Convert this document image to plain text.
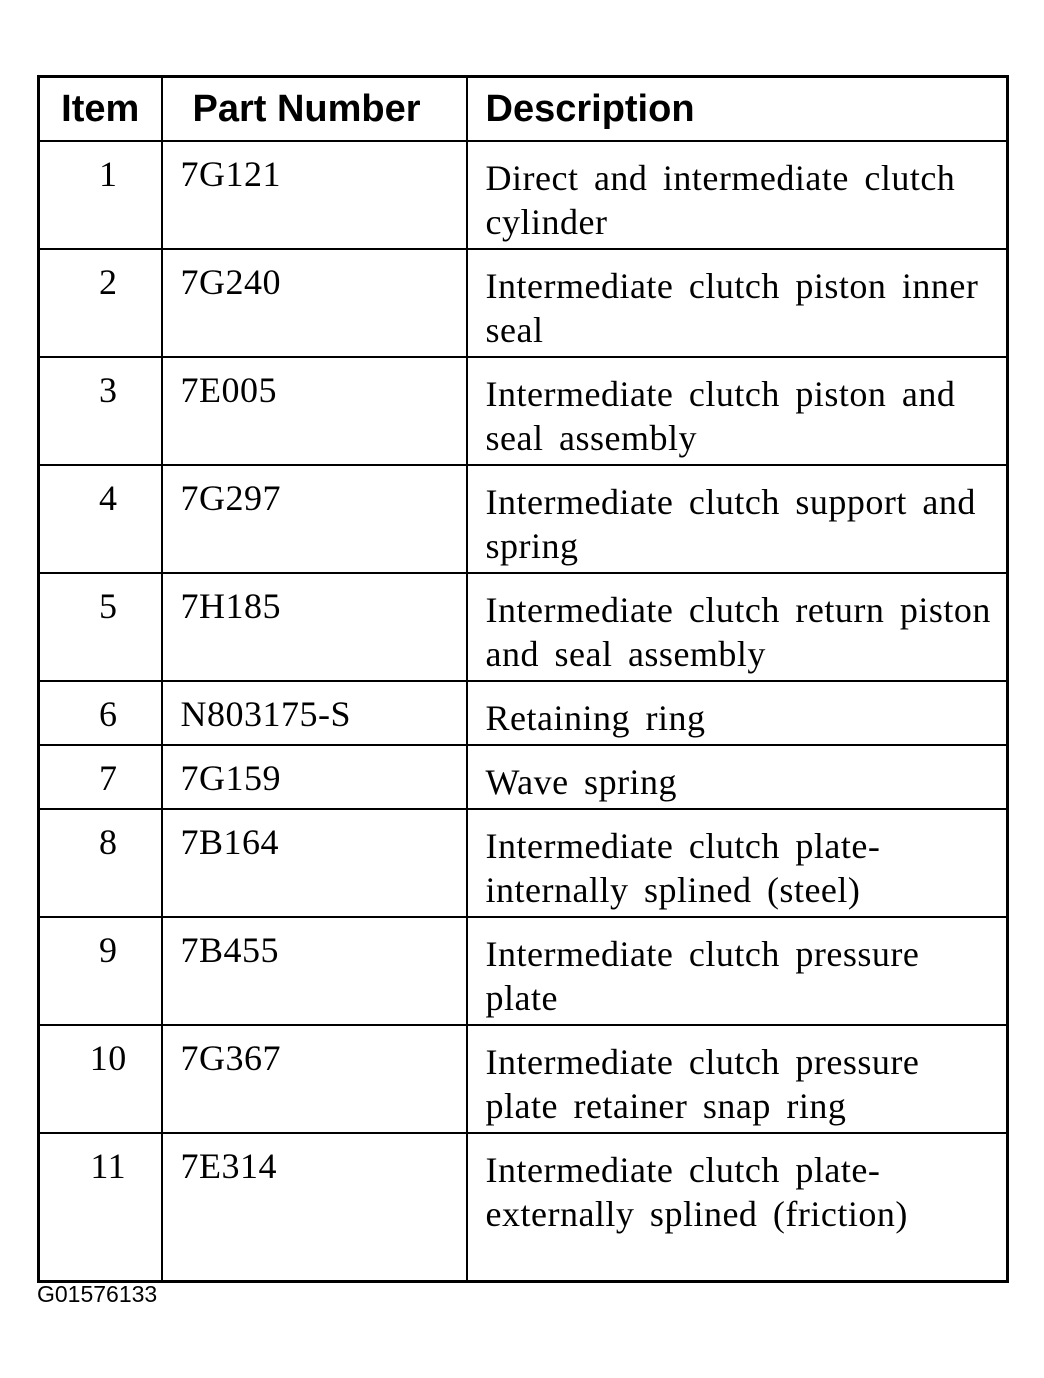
Item	Part Number	Description
1	7G121	Direct and intermediate clutch cylinder
2	7G240	Intermediate clutch piston inner seal
3	7E005	Intermediate clutch piston and seal assembly
4	7G297	Intermediate clutch support and spring
5	7H185	Intermediate clutch return piston and seal assembly
6	N803175-S	Retaining ring
7	7G159	Wave spring
8	7B164	Intermediate clutch plate-internally splined (steel)
9	7B455	Intermediate clutch pressure plate
10	7G367	Intermediate clutch pressure plate retainer snap ring
11	7E314	Intermediate clutch plate-externally splined (friction)
G01576133
